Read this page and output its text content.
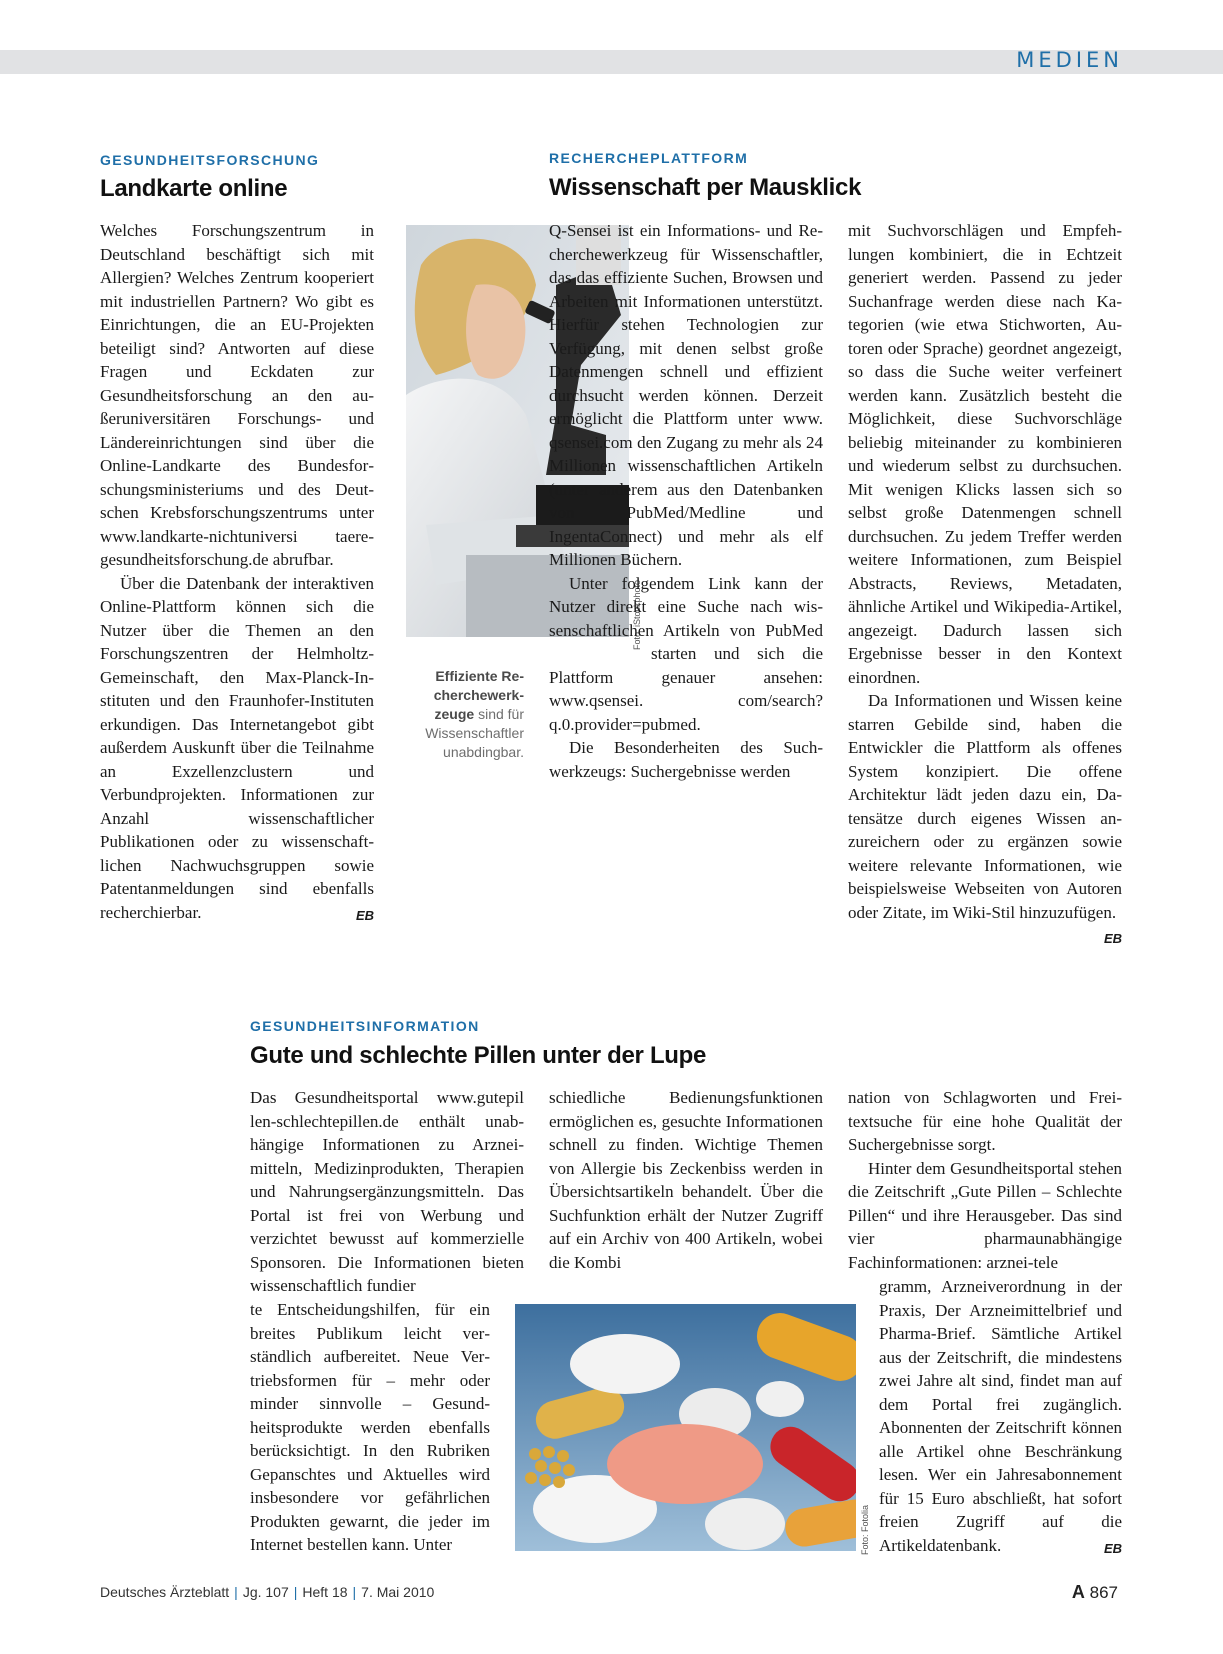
MEDIEN
GESUNDHEITSFORSCHUNG
Landkarte online

Welches Forschungszentrum in Deutschland beschäftigt sich mit Allergien? Welches Zentrum kooperiert mit industriellen Partnern? Wo gibt es Einrichtungen, die an EU-Projekten beteiligt sind? Antworten auf diese Fragen und Eckdaten zur Gesundheitsforschung an den außeruniversitären Forschungs- und Ländereinrichtungen sind über die Online-Landkarte des Bundesforschungsministeriums und des Deutschen Krebsforschungszentrums unter www.landkarte-nichtuniversi taere-gesundheitsforschung.de abrufbar.

Über die Datenbank der interaktiven Online-Plattform können sich die Nutzer über die Themen an den Forschungszentren der Helmholtz-Gemeinschaft, den Max-Planck-Instituten und den Fraunhofer-Instituten erkundigen. Das Internetangebot gibt außerdem Auskunft über die Teilnahme an Exzellenzclustern und Verbundprojekten. Informationen zur Anzahl wissenschaftlicher Publikationen oder zu wissenschaftlichen Nachwuchsgruppen sowie Patentanmeldungen sind ebenfalls recherchierbar.	EB

RECHERCHEPLATTFORM
Wissenschaft per Mausklick
Foto: iStockphoto
Effiziente Recherchewerkzeuge sind für Wissenschaftler unabdingbar.

Q-Sensei ist ein Informations- und Recherchewerkzeug für Wissenschaftler, das das effiziente Suchen, Browsen und Arbeiten mit Informationen unterstützt. Hierfür stehen Technologien zur Verfügung, mit denen selbst große Datenmengen schnell und effizient durchsucht werden können. Derzeit ermöglicht die Plattform unter www. qsensei.com den Zugang zu mehr als 24 Millionen wissenschaftlichen Artikeln (unter anderem aus den Datenbanken von PubMed/Medline und IngentaConnect) und mehr als elf Millionen Büchern.

Unter folgendem Link kann der Nutzer direkt eine Suche nach wissenschaftlichen Artikeln von PubMed starten und sich die Plattform genauer ansehen: www.qsensei. com/search?q.0.provider=pubmed.

Die Besonderheiten des Suchwerkzeugs: Suchergebnisse werden

mit Suchvorschlägen und Empfehlungen kombiniert, die in Echtzeit generiert werden. Passend zu jeder Suchanfrage werden diese nach Kategorien (wie etwa Stichworten, Autoren oder Sprache) geordnet angezeigt, so dass die Suche weiter verfeinert werden kann. Zusätzlich besteht die Möglichkeit, diese Suchvorschläge beliebig miteinander zu kombinieren und wiederum selbst zu durchsuchen. Mit wenigen Klicks lassen sich so selbst große Datenmengen schnell durchsuchen. Zu jedem Treffer werden weitere Informationen, zum Beispiel Abstracts, Reviews, Metadaten, ähnliche Artikel und Wikipedia-Artikel, angezeigt. Dadurch lassen sich Ergebnisse besser in den Kontext einordnen.

Da Informationen und Wissen keine starren Gebilde sind, haben die Entwickler die Plattform als offenes System konzipiert. Die offene Architektur lädt jeden dazu ein, Datensätze durch eigenes Wissen anzureichern oder zu ergänzen sowie weitere relevante Informationen, wie beispielsweise Webseiten von Autoren oder Zitate, im Wiki-Stil hinzuzufügen.
EB

GESUNDHEITSINFORMATION
Gute und schlechte Pillen unter der Lupe

Das Gesundheitsportal www.gutepil len-schlechtepillen.de enthält unabhängige Informationen zu Arzneimitteln, Medizinprodukten, Therapien und Nahrungsergänzungsmitteln. Das Portal ist frei von Werbung und verzichtet bewusst auf kommerzielle Sponsoren. Die Informationen bieten wissenschaftlich fundier

te Entscheidungshilfen, für ein breites Publikum leicht verständlich aufbereitet. Neue Vertriebsformen für – mehr oder minder sinnvolle – Gesundheitsprodukte werden ebenfalls berücksichtigt. In den Rubriken Gepanschtes und Aktuelles wird insbesondere vor gefährlichen Produkten gewarnt, die jeder im Internet bestellen kann. Unter

schiedliche Bedienungsfunktionen ermöglichen es, gesuchte Informationen schnell zu finden. Wichtige Themen von Allergie bis Zeckenbiss werden in Übersichtsartikeln behandelt. Über die Suchfunktion erhält der Nutzer Zugriff auf ein Archiv von 400 Artikeln, wobei die Kombi

Foto: Fotolia

nation von Schlagworten und Freitextsuche für eine hohe Qualität der Suchergebnisse sorgt.

Hinter dem Gesundheitsportal stehen die Zeitschrift „Gute Pillen – Schlechte Pillen“ und ihre Herausgeber. Das sind vier pharmaunabhängige Fachinformationen: arznei-tele

gramm, Arzneiverordnung in der Praxis, Der Arzneimittelbrief und Pharma-Brief. Sämtliche Artikel aus der Zeitschrift, die mindestens zwei Jahre alt sind, findet man auf dem Portal frei zugänglich. Abonnenten der Zeitschrift können alle Artikel ohne Beschränkung lesen. Wer ein Jahresabonnement für 15 Euro abschließt, hat sofort freien Zugriff auf die Artikeldatenbank.	EB

Deutsches Ärzteblatt | Jg. 107 | Heft 18 | 7. Mai 2010	A 867
